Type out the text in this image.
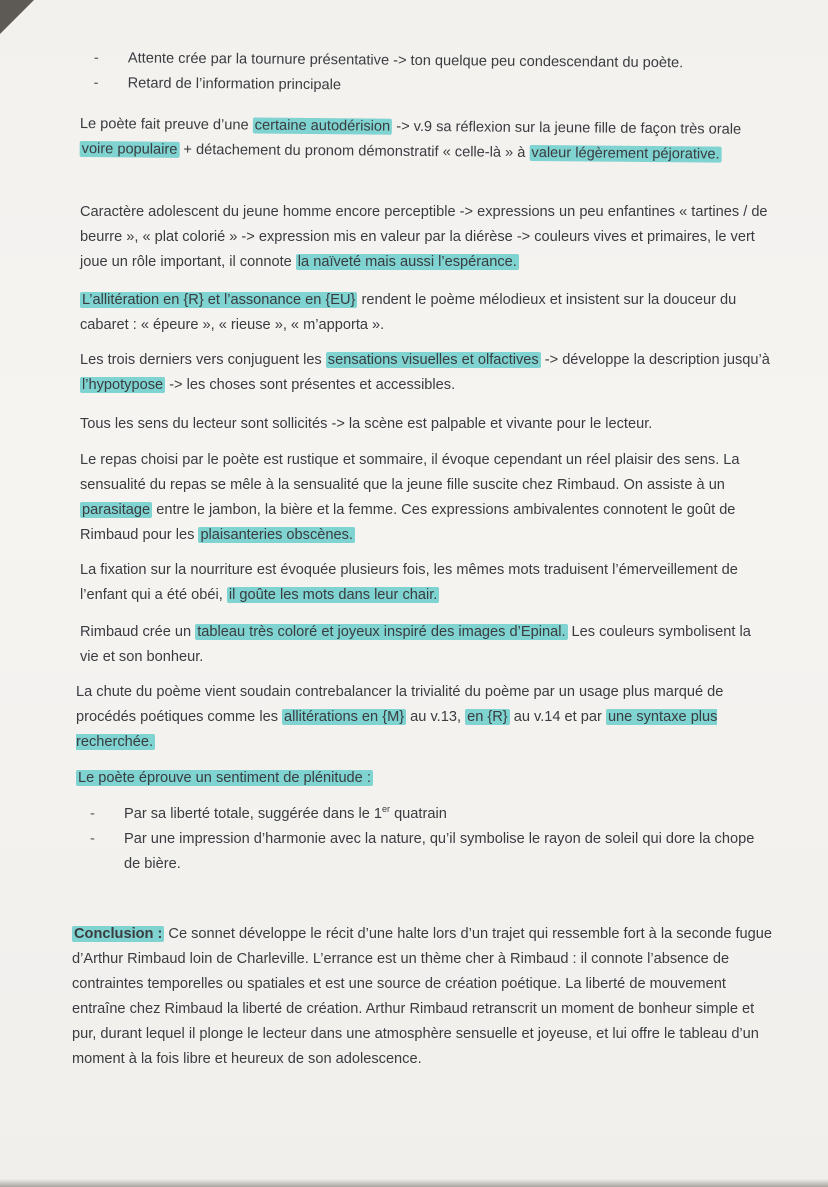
- Attente crée par la tournure présentative -> ton quelque peu condescendant du poète.
- Retard de l’information principale

Le poète fait preuve d’une certaine autodérision -> v.9 sa réflexion sur la jeune fille de façon très orale voire populaire + détachement du pronom démonstratif « celle-là » à valeur légèrement péjorative.

Caractère adolescent du jeune homme encore perceptible -> expressions un peu enfantines « tartines / de beurre », « plat colorié » -> expression mis en valeur par la diérèse -> couleurs vives et primaires, le vert joue un rôle important, il connote la naïveté mais aussi l’espérance.

L’allitération en {R} et l’assonance en {EU} rendent le poème mélodieux et insistent sur la douceur du cabaret : « épeure », « rieuse », « m’apporta ».

Les trois derniers vers conjuguent les sensations visuelles et olfactives -> développe la description jusqu’à l’hypotypose -> les choses sont présentes et accessibles.

Tous les sens du lecteur sont sollicités -> la scène est palpable et vivante pour le lecteur.

Le repas choisi par le poète est rustique et sommaire, il évoque cependant un réel plaisir des sens. La sensualité du repas se mêle à la sensualité que la jeune fille suscite chez Rimbaud. On assiste à un parasitage entre le jambon, la bière et la femme. Ces expressions ambivalentes connotent le goût de Rimbaud pour les plaisanteries obscènes.

La fixation sur la nourriture est évoquée plusieurs fois, les mêmes mots traduisent l’émerveillement de l’enfant qui a été obéi, il goûte les mots dans leur chair.

Rimbaud crée un tableau très coloré et joyeux inspiré des images d’Epinal. Les couleurs symbolisent la vie et son bonheur.

La chute du poème vient soudain contrebalancer la trivialité du poème par un usage plus marqué de procédés poétiques comme les allitérations en {M} au v.13, en {R} au v.14 et par une syntaxe plus recherchée.

Le poète éprouve un sentiment de plénitude :

- Par sa liberté totale, suggérée dans le 1er quatrain
- Par une impression d’harmonie avec la nature, qu’il symbolise le rayon de soleil qui dore la chope de bière.

Conclusion : Ce sonnet développe le récit d’une halte lors d’un trajet qui ressemble fort à la seconde fugue d’Arthur Rimbaud loin de Charleville. L’errance est un thème cher à Rimbaud : il connote l’absence de contraintes temporelles ou spatiales et est une source de création poétique. La liberté de mouvement entraîne chez Rimbaud la liberté de création. Arthur Rimbaud retranscrit un moment de bonheur simple et pur, durant lequel il plonge le lecteur dans une atmosphère sensuelle et joyeuse, et lui offre le tableau d’un moment à la fois libre et heureux de son adolescence.
